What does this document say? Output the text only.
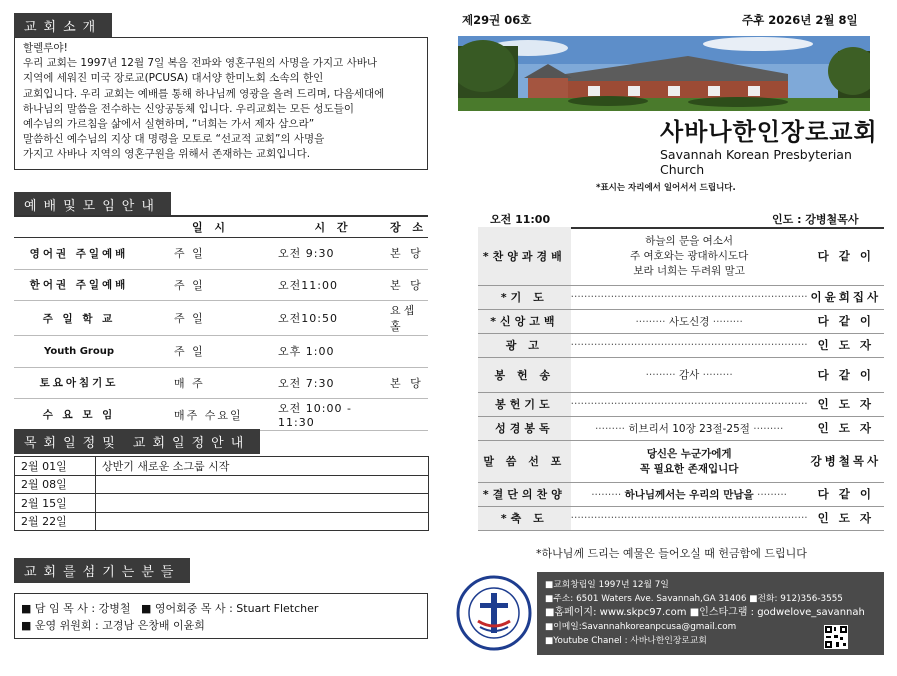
교회소개
할렐루야!
우리 교회는 1997년 12월 7일 복음 전파와 영혼구원의 사명을 가지고 사바나
지역에 세워진 미국 장로교(PCUSA) 대서양 한미노회 소속의 한인
교회입니다. 우리 교회는 예배를 통해 하나님께 영광을 올려 드리며, 다음세대에
하나님의 말씀을 전수하는 신앙공동체 입니다. 우리교회는 모든 성도들이
예수님의 가르침을 삶에서 실현하며, “너희는 가서 제자 삼으라”
말씀하신 예수님의 지상 대 명령을 모토로 “선교적 교회”의 사명을
가지고 사바나 지역의 영혼구원을 위해서 존재하는 교회입니다.
예배및모임안내
	일 시	시 간	장 소
영어권 주일예배	주 일	오전 9:30	본 당
한어권 주일예배	주 일	오전11:00	본 당
주 일 학 교	주 일	오전10:50	요셉홀
Youth Group	주 일	오후 1:00	
토요아침기도	매 주	오전 7:30	본 당
수 요 모 임	매주 수요일	오전 10:00 - 11:30	
목회일정및 교회일정안내
2월 01일	상반기 새로운 소그룹 시작
2월 08일	
2월 15일	
2월 22일	
교회를섬기는분들
■ 담 임 목 사 : 강병철 ■ 영어회중 목 사 : Stuart Fletcher
■ 운영 위원회 : 고경남 은창배 이윤희
제29권 06호	주후 2026년 2월 8일
사바나한인장로교회
Savannah Korean Presbyterian Church
*표시는 자리에서 일어서서 드립니다.
오전 11:00	인도 : 강병철목사
*찬양과경배	하늘의 문을 여소서
주 여호와는 광대하시도다
보라 너희는 두려워 말고	다 같 이
*기 도	·······································································	이윤희집사
*신앙고백	········· 사도신경 ·········	다 같 이
광 고	·······································································	인 도 자
봉 헌 송	········· 감사 ·········	다 같 이
봉헌기도	·······································································	인 도 자
성경봉독	········· 히브리서 10장 23절-25절 ·········	인 도 자
말 씀 선 포	당신은 누군가에게
꼭 필요한 존재입니다	강병철목사
*결단의찬양	········· 하나님께서는 우리의 만남을 ·········	다 같 이
*축 도	·······································································	인 도 자
*하나님께 드리는 예물은 들어오실 때 헌금함에 드립니다
■교회창립일 1997년 12월 7일
■주소: 6501 Waters Ave. Savannah,GA 31406 ■전화: 912)356-3555
■홈페이지: www.skpc97.com ■인스타그램 : godwelove_savannah
■이메일:Savannahkoreanpcusa@gmail.com
■Youtube Chanel : 사바나한인장로교회
